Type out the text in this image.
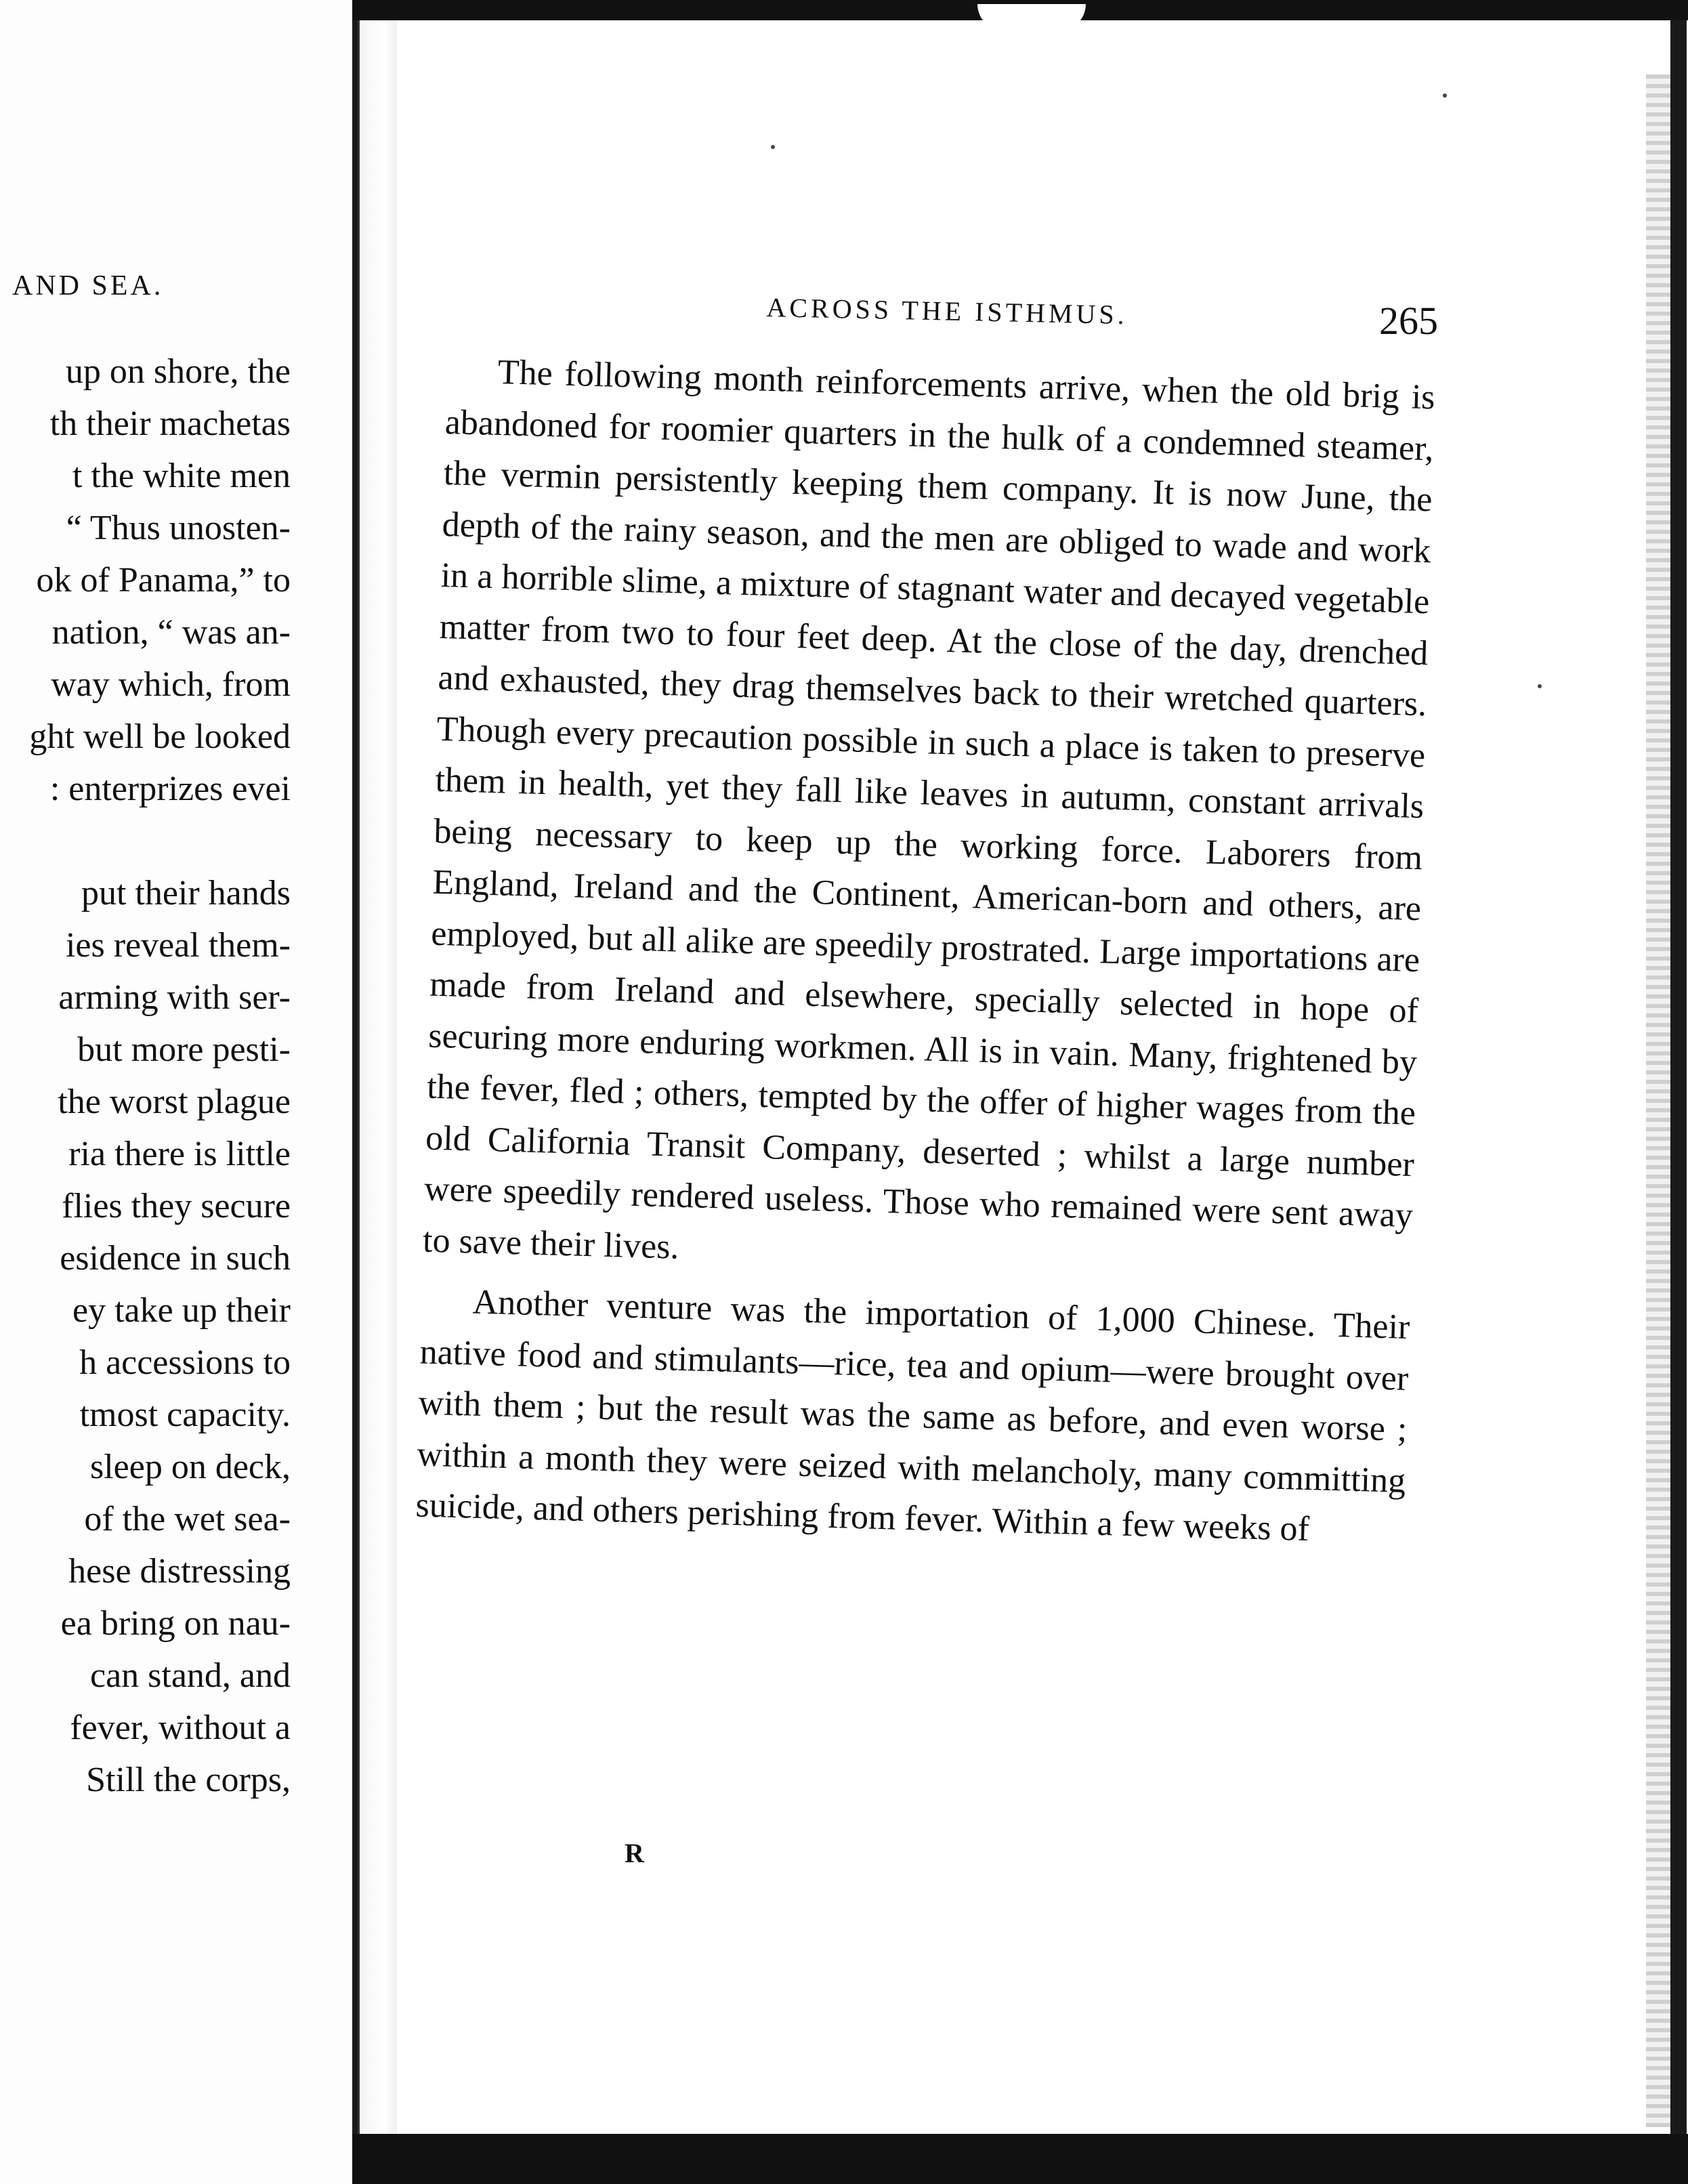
AND SEA.
up on shore, the
th their machetas
t the white men
“ Thus unosten-
ok of Panama,” to
nation, “ was an-
way which, from
ght well be looked
: enterprizes evei

put their hands
ies reveal them-
arming with ser-
but more pesti-
the worst plague
ria there is little
flies they secure
esidence in such
ey take up their
h accessions to
tmost capacity.
sleep on deck,
of the wet sea-
hese distressing
ea bring on nau-
can stand, and
fever, without a
Still the corps,
ACROSS THE ISTHMUS.	265

The following month reinforcements arrive, when the old brig is abandoned for roomier quarters in the hulk of a condemned steamer, the vermin persistently keeping them company. It is now June, the depth of the rainy season, and the men are obliged to wade and work in a horrible slime, a mixture of stagnant water and decayed vegetable matter from two to four feet deep. At the close of the day, drenched and exhausted, they drag themselves back to their wretched quarters. Though every precaution possible in such a place is taken to preserve them in health, yet they fall like leaves in autumn, constant arrivals being necessary to keep up the working force. Laborers from England, Ireland and the Continent, American-born and others, are employed, but all alike are speedily prostrated. Large importations are made from Ireland and elsewhere, specially selected in hope of securing more enduring workmen. All is in vain. Many, frightened by the fever, fled ; others, tempted by the offer of higher wages from the old California Transit Company, deserted ; whilst a large number were speedily rendered useless. Those who remained were sent away to save their lives.

Another venture was the importation of 1,000 Chinese. Their native food and stimulants—rice, tea and opium—were brought over with them ; but the result was the same as before, and even worse ; within a month they were seized with melancholy, many committing suicide, and others perishing from fever. Within a few weeks of

R
